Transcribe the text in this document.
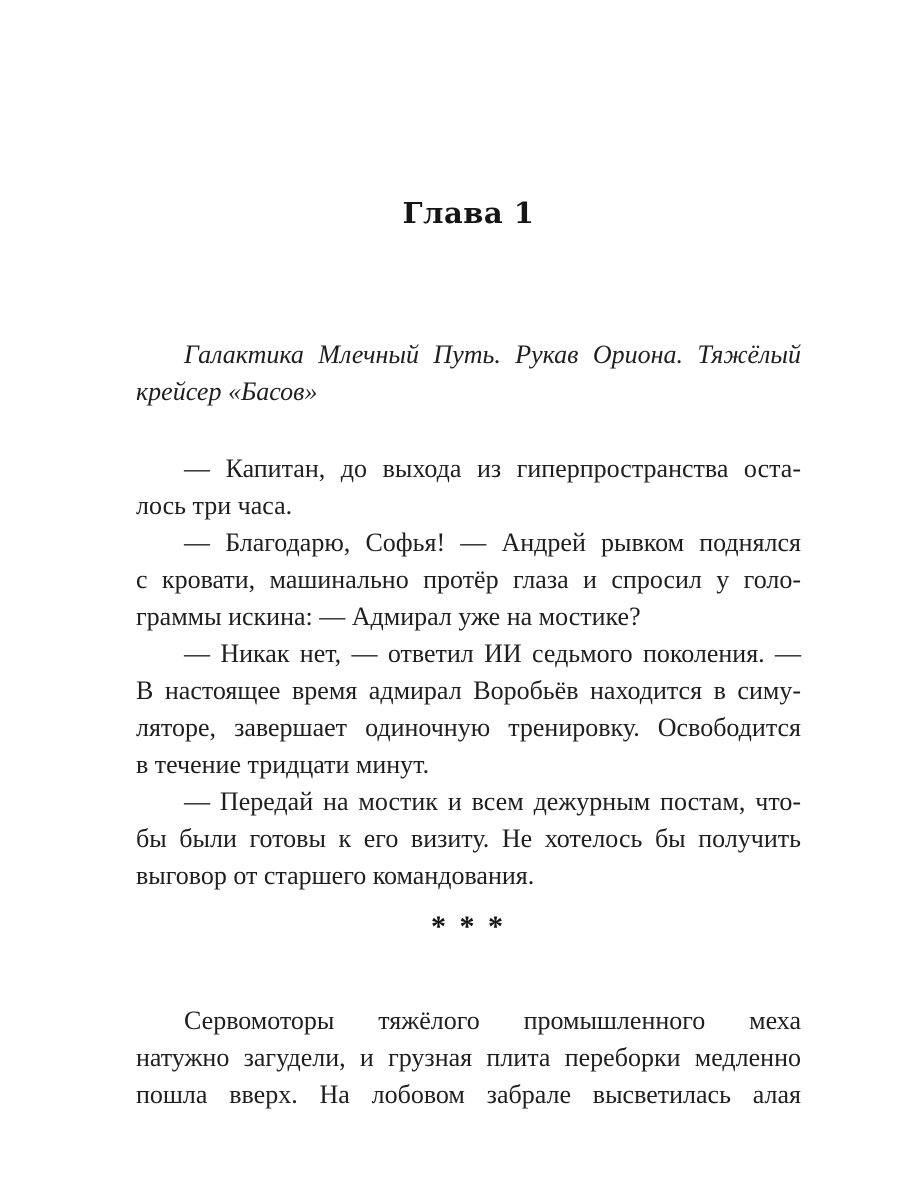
Глава 1
Галактика Млечный Путь. Рукав Ориона. Тяжёлый
крейсер «Басов»
— Капитан, до выхода из гиперпространства оста-
лось три часа.
— Благодарю, Софья! — Андрей рывком поднялся
с кровати, машинально протёр глаза и спросил у голо-
граммы искина: — Адмирал уже на мостике?
— Никак нет, — ответил ИИ седьмого поколения. —
В настоящее время адмирал Воробьёв находится в симу-
ляторе, завершает одиночную тренировку. Освободится
в течение тридцати минут.
— Передай на мостик и всем дежурным постам, что-
бы были готовы к его визиту. Не хотелось бы получить
выговор от старшего командования.
* * *
Сервомоторы тяжёлого промышленного меха
натужно загудели, и грузная плита переборки медленно
пошла вверх. На лобовом забрале высветилась алая
